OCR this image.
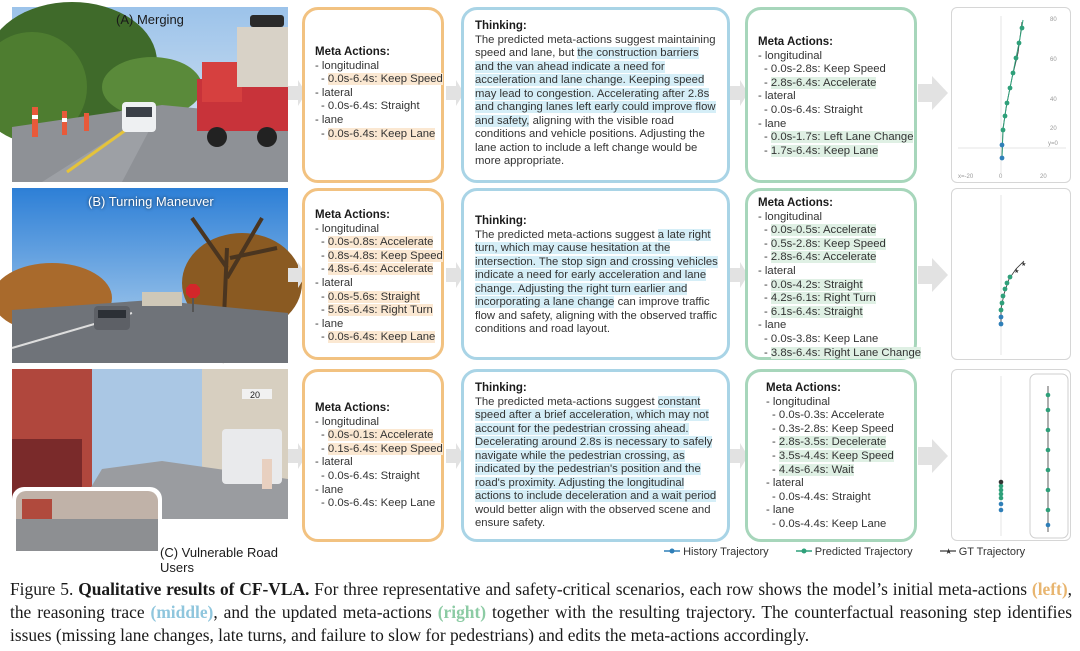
(A) Merging
Meta Actions:
- longitudinal
- 0.0s-6.4s: Keep Speed
- lateral
- 0.0s-6.4s: Straight
- lane
- 0.0s-6.4s: Keep Lane
Thinking:
The predicted meta-actions suggest maintaining speed and lane, but the construction barriers and the van ahead indicate a need for acceleration and lane change. Keeping speed may lead to congestion. Accelerating after 2.8s and changing lanes left early could improve flow and safety, aligning with the visible road conditions and vehicle positions. Adjusting the lane action to include a left change would be more appropriate.
Meta Actions:
- longitudinal
- 0.0s-2.8s: Keep Speed
- 2.8s-6.4s: Accelerate
- lateral
- 0.0s-6.4s: Straight
- lane
- 0.0s-1.7s: Left Lane Change
- 1.7s-6.4s: Keep Lane
80
60
40
20
y=0
x=-20	0	20
(B) Turning Maneuver
Meta Actions:
- longitudinal
- 0.0s-0.8s: Accelerate
- 0.8s-4.8s: Keep Speed
- 4.8s-6.4s: Accelerate
- lateral
- 0.0s-5.6s: Straight
- 5.6s-6.4s: Right Turn
- lane
- 0.0s-6.4s: Keep Lane
Thinking:
The predicted meta-actions suggest a late right turn, which may cause hesitation at the intersection. The stop sign and crossing vehicles indicate a need for early acceleration and lane change. Adjusting the right turn earlier and incorporating a lane change can improve traffic flow and safety, aligning with the observed traffic conditions and road layout.
Meta Actions:
- longitudinal
- 0.0s-0.5s: Accelerate
- 0.5s-2.8s: Keep Speed
- 2.8s-6.4s: Accelerate
- lateral
- 0.0s-4.2s: Straight
- 4.2s-6.1s: Right Turn
- 6.1s-6.4s: Straight
- lane
- 0.0s-3.8s: Keep Lane
- 3.8s-6.4s: Right Lane Change
★
★
20
(C) Vulnerable Road Users
Meta Actions:
- longitudinal
- 0.0s-0.1s: Accelerate
- 0.1s-6.4s: Keep Speed
- lateral
- 0.0s-6.4s: Straight
- lane
- 0.0s-6.4s: Keep Lane
Thinking:
The predicted meta-actions suggest constant speed after a brief acceleration, which may not account for the pedestrian crossing ahead. Decelerating around 2.8s is necessary to safely navigate while the pedestrian crossing, as indicated by the pedestrian's position and the road's proximity. Adjusting the longitudinal actions to include deceleration and a wait period would better align with the observed scene and ensure safety.
Meta Actions:
- longitudinal
- 0.0s-0.3s: Accelerate
- 0.3s-2.8s: Keep Speed
- 2.8s-3.5s: Decelerate
- 3.5s-4.4s: Keep Speed
- 4.4s-6.4s: Wait
- lateral
- 0.0s-4.4s: Straight
- lane
- 0.0s-4.4s: Keep Lane
History Trajectory	Predicted Trajectory	★ GT Trajectory
Figure 5. Qualitative results of CF-VLA. For three representative and safety-critical scenarios, each row shows the model’s initial meta-actions (left), the reasoning trace (middle), and the updated meta-actions (right) together with the resulting trajectory. The counterfactual reasoning step identifies issues (missing lane changes, late turns, and failure to slow for pedestrians) and edits the meta-actions accordingly.
